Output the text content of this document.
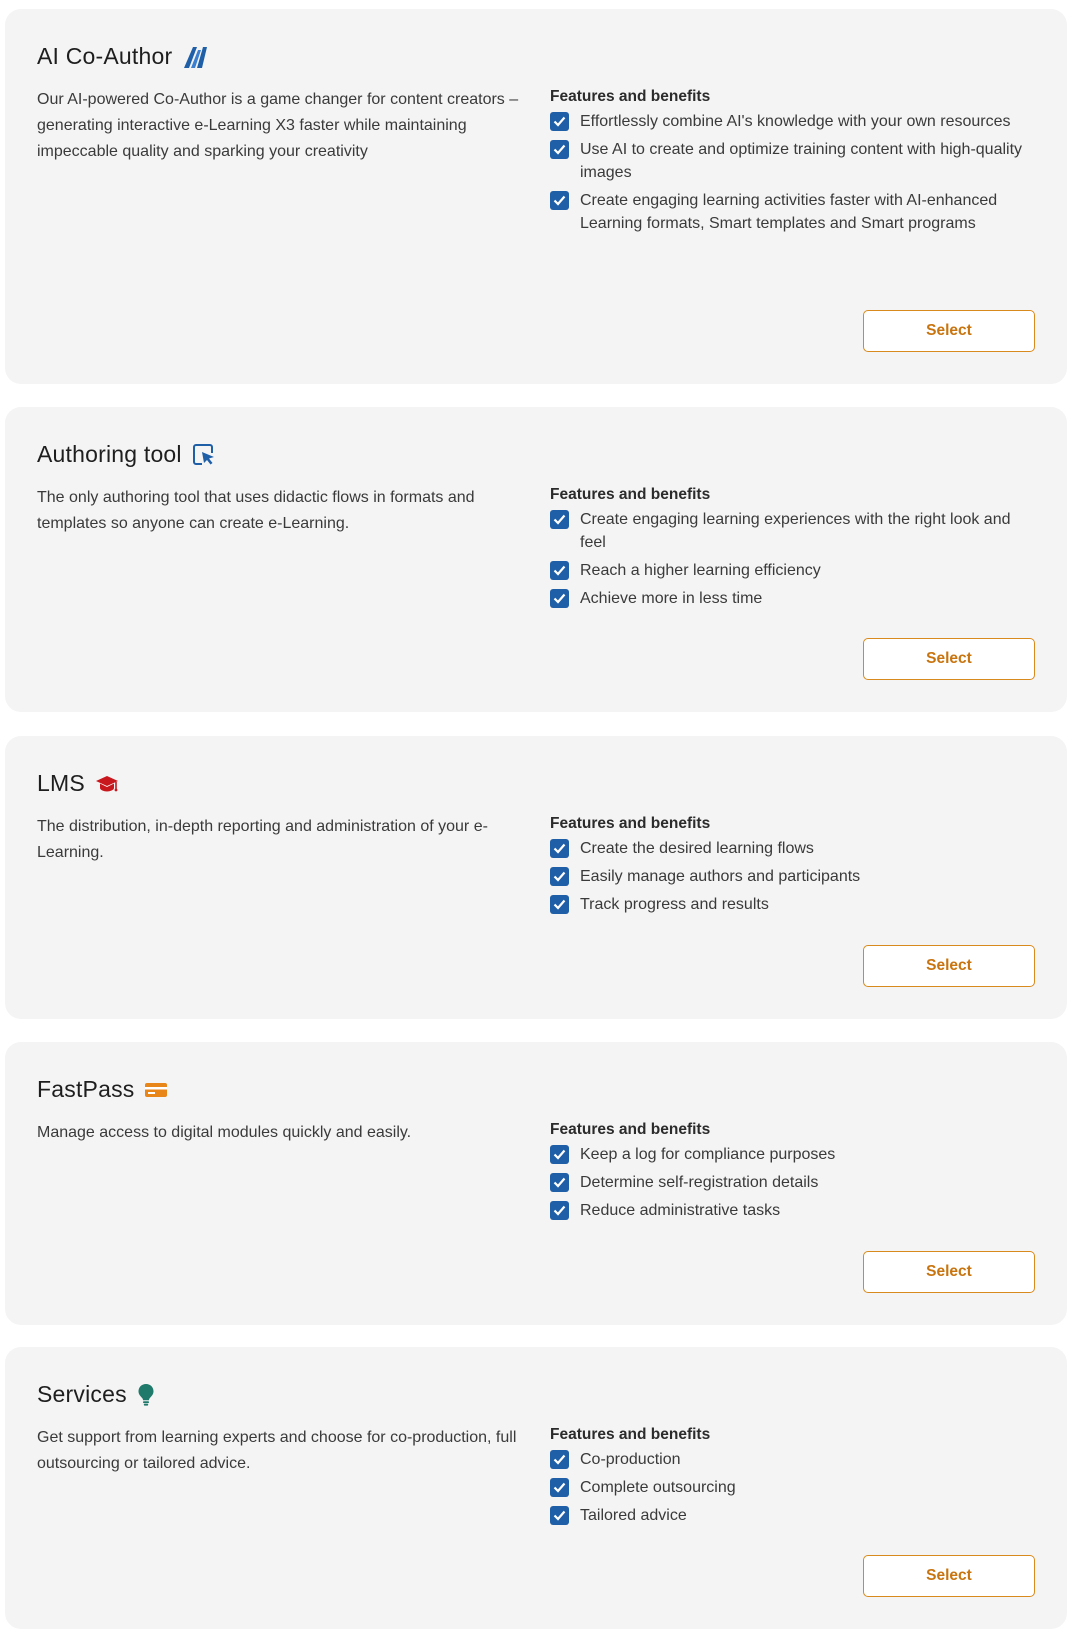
AI Co-Author
Our AI-powered Co-Author is a game changer for content creators – generating interactive e-Learning X3 faster while maintaining impeccable quality and sparking your creativity
Features and benefits
Effortlessly combine AI's knowledge with your own resources
Use AI to create and optimize training content with high-quality images
Create engaging learning activities faster with AI-enhanced Learning formats, Smart templates and Smart programs
Select
Authoring tool
The only authoring tool that uses didactic flows in formats and templates so anyone can create e-Learning.
Features and benefits
Create engaging learning experiences with the right look and feel
Reach a higher learning efficiency
Achieve more in less time
Select
LMS
The distribution, in-depth reporting and administration of your e-Learning.
Features and benefits
Create the desired learning flows
Easily manage authors and participants
Track progress and results
Select
FastPass
Manage access to digital modules quickly and easily.	Features and benefits
Keep a log for compliance purposes
Determine self-registration details
Reduce administrative tasks
Select
Services
Get support from learning experts and choose for co-production, full outsourcing or tailored advice.
Features and benefits
Co-production
Complete outsourcing
Tailored advice
Select
